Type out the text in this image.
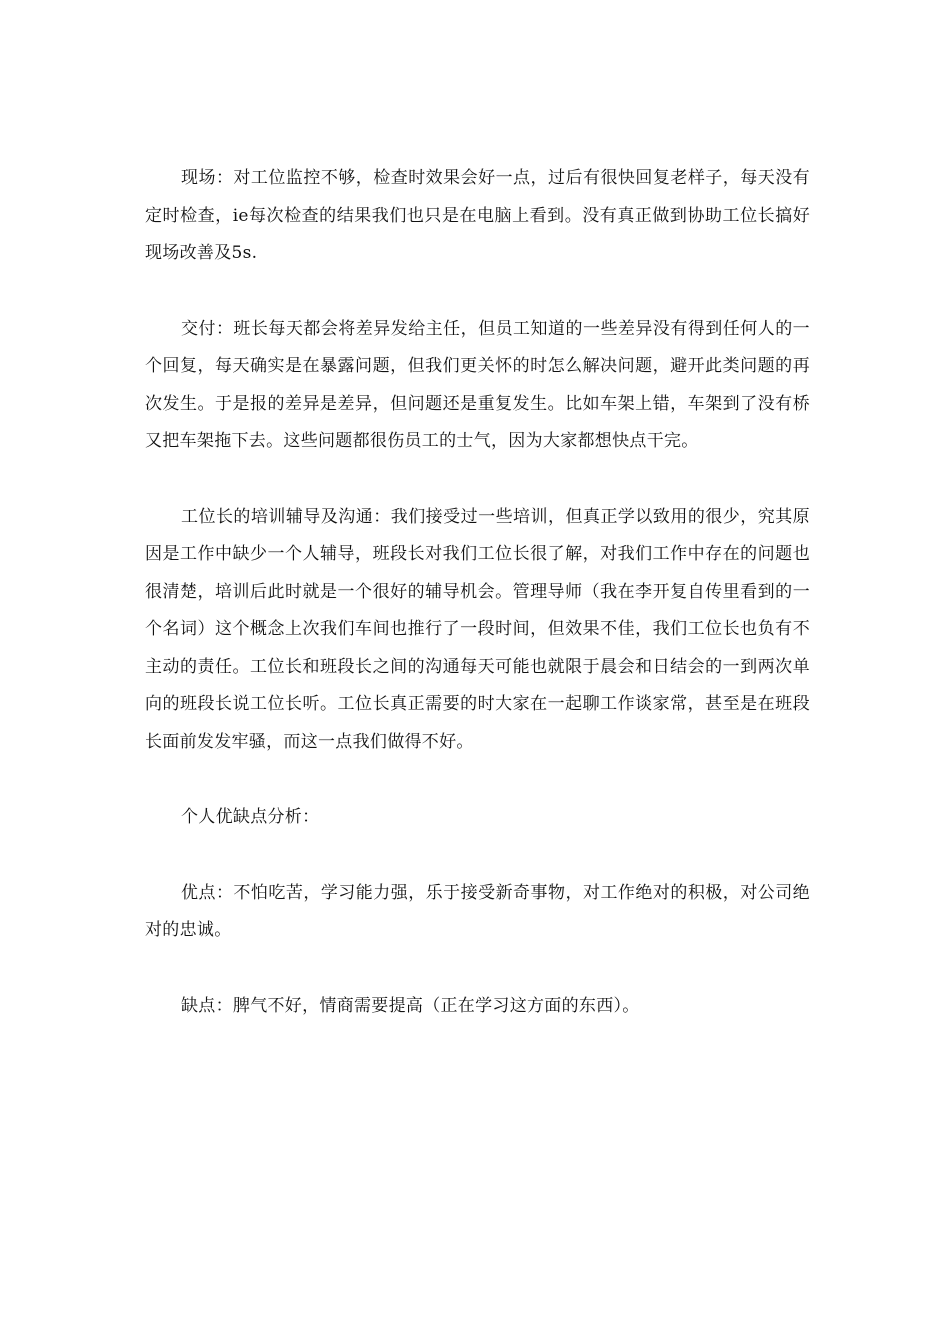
现场：对工位监控不够，检查时效果会好一点，过后有很快回复老样子，每天没有定时检查，ie每次检查的结果我们也只是在电脑上看到。没有真正做到协助工位长搞好现场改善及5s.

交付：班长每天都会将差异发给主任，但员工知道的一些差异没有得到任何人的一个回复，每天确实是在暴露问题，但我们更关怀的时怎么解决问题，避开此类问题的再次发生。于是报的差异是差异，但问题还是重复发生。比如车架上错，车架到了没有桥又把车架拖下去。这些问题都很伤员工的士气，因为大家都想快点干完。

工位长的培训辅导及沟通：我们接受过一些培训，但真正学以致用的很少，究其原因是工作中缺少一个人辅导，班段长对我们工位长很了解，对我们工作中存在的问题也很清楚，培训后此时就是一个很好的辅导机会。管理导师（我在李开复自传里看到的一个名词）这个概念上次我们车间也推行了一段时间，但效果不佳，我们工位长也负有不主动的责任。工位长和班段长之间的沟通每天可能也就限于晨会和日结会的一到两次单向的班段长说工位长听。工位长真正需要的时大家在一起聊工作谈家常，甚至是在班段长面前发发牢骚，而这一点我们做得不好。

个人优缺点分析：

优点：不怕吃苦，学习能力强，乐于接受新奇事物，对工作绝对的积极，对公司绝对的忠诚。

缺点：脾气不好，情商需要提高（正在学习这方面的东西）。
